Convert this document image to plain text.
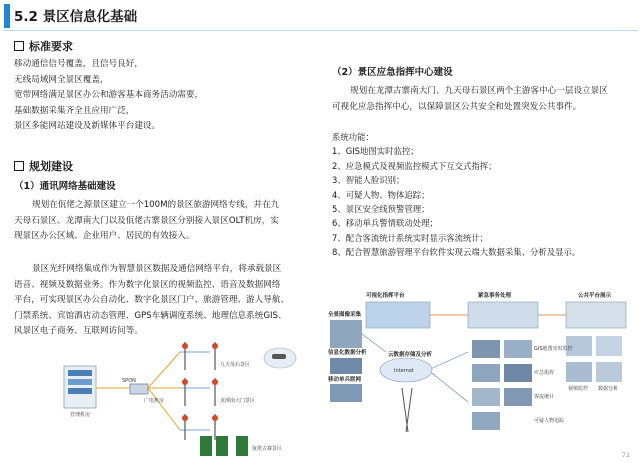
5.2 景区信息化基础
标准要求
移动通信信号覆盖，且信号良好，
无线局域网全景区覆盖，
宽带网络满足景区办公和游客基本商务活动需要，
基础数据采集齐全且应用广泛，
景区多能网站建设及新媒体平台建设。
规划建设
（1）通讯网络基础建设
规划在佤佬之源景区建立一个100M的景区旅游网络专线，并在九
天母石景区、龙潭南大门以及佤佬古寨景区分别接入景区OLT机房，实
现景区办公区域、企业用户、居民的有效接入。
景区光纤网络集成作为智慧景区数据及通信网络平台，将承载景区
语音、视频及数据业务。作为数字化景区的视频监控、语音及数据网络
平台，可实现景区办公自动化、数字化景区门户、旅游管理、游人导航、
门禁系统、宾馆酒店动态管理、GPS车辆调度系统、地理信息系统GIS、
风景区电子商务、互联网访问等。
管理机房
SPON
九天母石景区
龙潭南大门景区
佤佬古寨景区
广电机房
（2）景区应急指挥中心建设
规划在龙潭古寨南大门、九天母石景区两个主游客中心一层设立景区
可视化应急指挥中心，以保障景区公共安全和处置突发公共事件。
系统功能：
1、GIS地图实时监控；
2、应急模式及视频监控模式下互交式指挥；
3、智能人脸识别；
4、可疑人物、物体追踪；
5、景区安全线预警管理；
6、移动单兵警情联动处理；
7、配合客流统计系统实时显示客流统计；
8、配合智慧旅游管理平台软件实现云端大数据采集、分析及显示。
可视化指挥平台	紧急事务处理	公共平台展示
全景图像采集
信息化数据分析
移动单兵联网
云数据存储及分析
Internet
GIS地图实时监控
应急指挥
客流统计
视频监控 数据分析
可疑人物追踪
72
